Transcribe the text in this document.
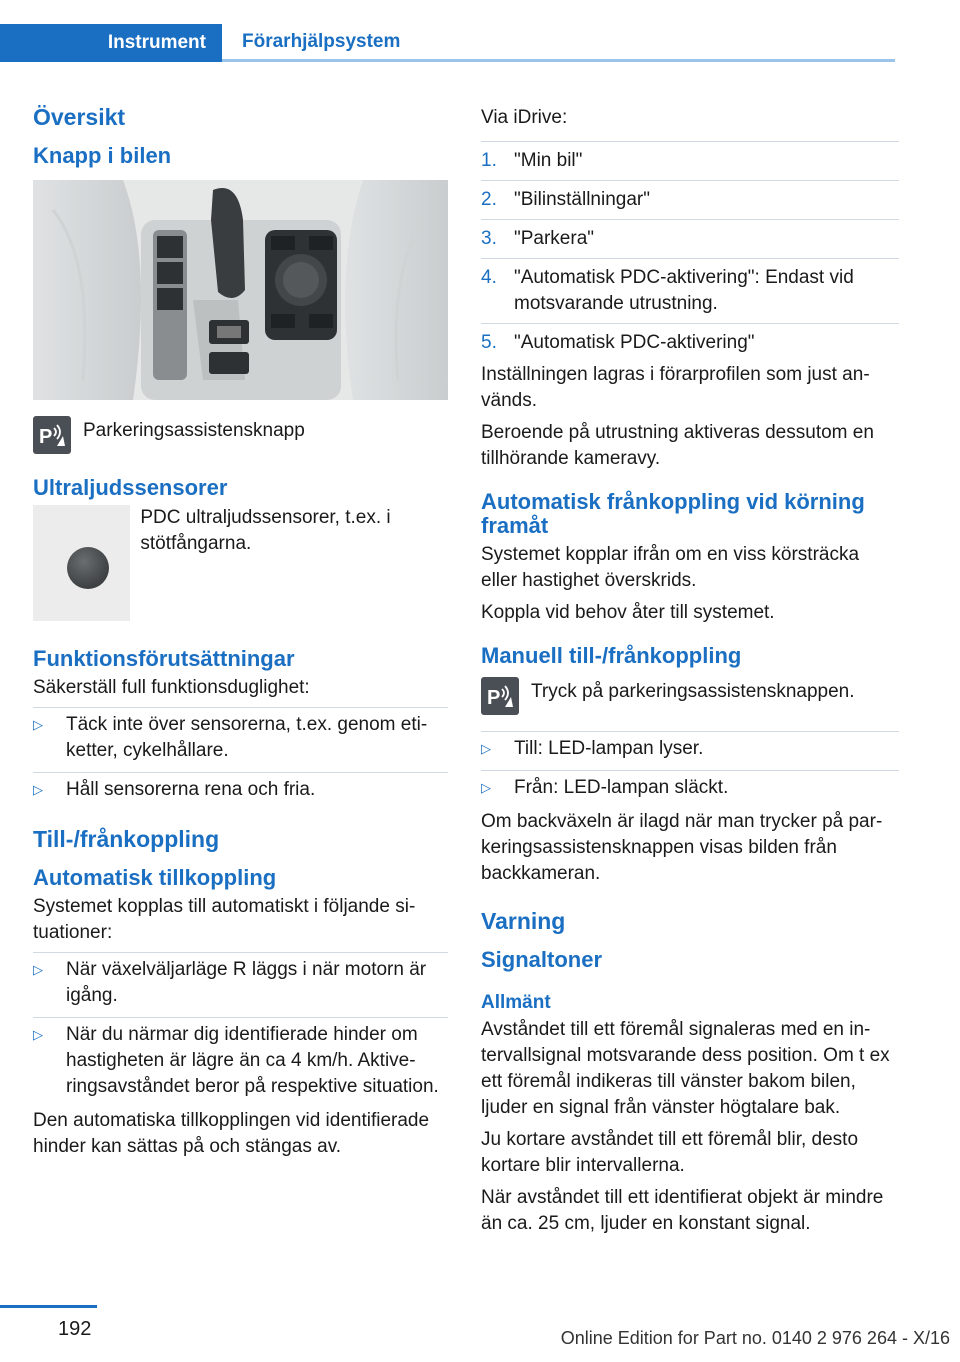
Instrument	Förarhjälpsystem
Översikt
Knapp i bilen
P Parkeringsassistensknapp
Ultraljudssensorer

PDC ultraljudssensorer, t.ex. i stötfångarna.

Funktionsförutsättningar

Säkerställ full funktionsduglighet:

▷	Täck inte över sensorerna, t.ex. genom etiketter, cykelhållare.
▷	Håll sensorerna rena och fria.
Till-/frånkoppling
Automatisk tillkoppling

Systemet kopplas till automatiskt i följande situationer:

▷	När växelväljarläge R läggs i när motorn är igång.
▷	När du närmar dig identifierade hinder om hastigheten är lägre än ca 4 km/h. Aktiveringsavståndet beror på respektive situation.

Den automatiska tillkopplingen vid identifierade hinder kan sättas på och stängas av.

Via iDrive:

1. "Min bil"
2. "Bilinställningar"
3. "Parkera"
4. "Automatisk PDC-aktivering": Endast vid motsvarande utrustning.
5. "Automatisk PDC-aktivering"

Inställningen lagras i förarprofilen som just används.

Beroende på utrustning aktiveras dessutom en tillhörande kameravy.

Automatisk frånkoppling vid körning framåt

Systemet kopplar ifrån om en viss körsträcka eller hastighet överskrids.

Koppla vid behov åter till systemet.

Manuell till-/frånkoppling
P Tryck på parkeringsassistensknappen.
▷	Till: LED-lampan lyser.
▷	Från: LED-lampan släckt.

Om backväxeln är ilagd när man trycker på parkeringsassistensknappen visas bilden från backkameran.

Varning
Signaltoner
Allmänt

Avståndet till ett föremål signaleras med en intervallsignal motsvarande dess position. Om t ex ett föremål indikeras till vänster bakom bilen, ljuder en signal från vänster högtalare bak.

Ju kortare avståndet till ett föremål blir, desto kortare blir intervallerna.

När avståndet till ett identifierat objekt är mindre än ca. 25 cm, ljuder en konstant signal.

192	Online Edition for Part no. 0140 2 976 264 - X/16
